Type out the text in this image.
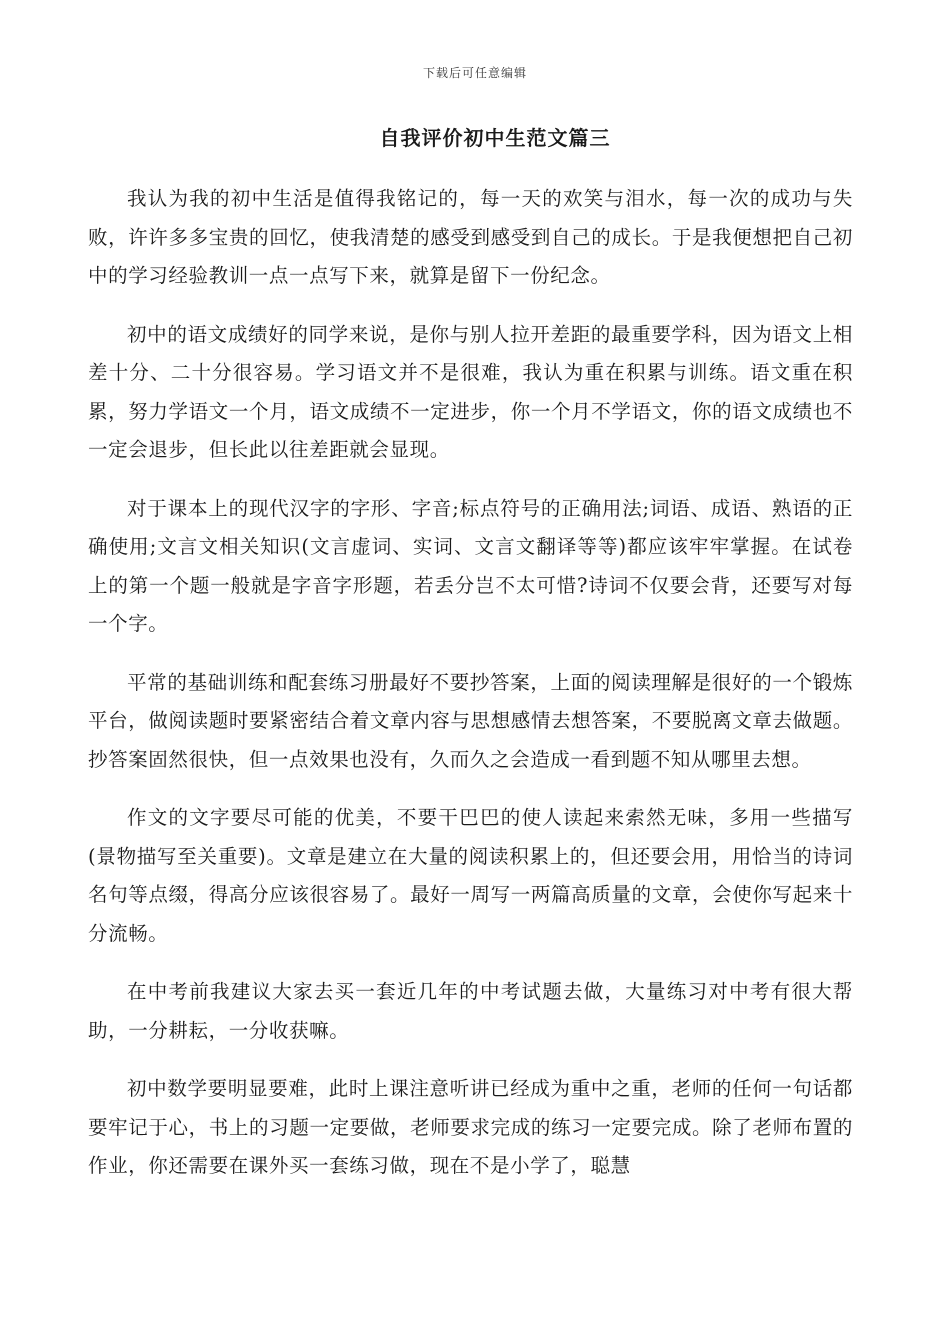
下载后可任意编辑
自我评价初中生范文篇三

我认为我的初中生活是值得我铭记的，每一天的欢笑与泪水，每一次的成功与失败，许许多多宝贵的回忆，使我清楚的感受到感受到自己的成长。于是我便想把自己初中的学习经验教训一点一点写下来，就算是留下一份纪念。

初中的语文成绩好的同学来说，是你与别人拉开差距的最重要学科，因为语文上相差十分、二十分很容易。学习语文并不是很难，我认为重在积累与训练。语文重在积累，努力学语文一个月，语文成绩不一定进步，你一个月不学语文，你的语文成绩也不一定会退步，但长此以往差距就会显现。

对于课本上的现代汉字的字形、字音;标点符号的正确用法;词语、成语、熟语的正确使用;文言文相关知识(文言虚词、实词、文言文翻译等等)都应该牢牢掌握。在试卷上的第一个题一般就是字音字形题，若丢分岂不太可惜?诗词不仅要会背，还要写对每一个字。

平常的基础训练和配套练习册最好不要抄答案，上面的阅读理解是很好的一个锻炼平台，做阅读题时要紧密结合着文章内容与思想感情去想答案，不要脱离文章去做题。抄答案固然很快，但一点效果也没有，久而久之会造成一看到题不知从哪里去想。

作文的文字要尽可能的优美，不要干巴巴的使人读起来索然无味，多用一些描写(景物描写至关重要)。文章是建立在大量的阅读积累上的，但还要会用，用恰当的诗词名句等点缀，得高分应该很容易了。最好一周写一两篇高质量的文章，会使你写起来十分流畅。

在中考前我建议大家去买一套近几年的中考试题去做，大量练习对中考有很大帮助，一分耕耘，一分收获嘛。

初中数学要明显要难，此时上课注意听讲已经成为重中之重，老师的任何一句话都要牢记于心，书上的习题一定要做，老师要求完成的练习一定要完成。除了老师布置的作业，你还需要在课外买一套练习做，现在不是小学了，聪慧
